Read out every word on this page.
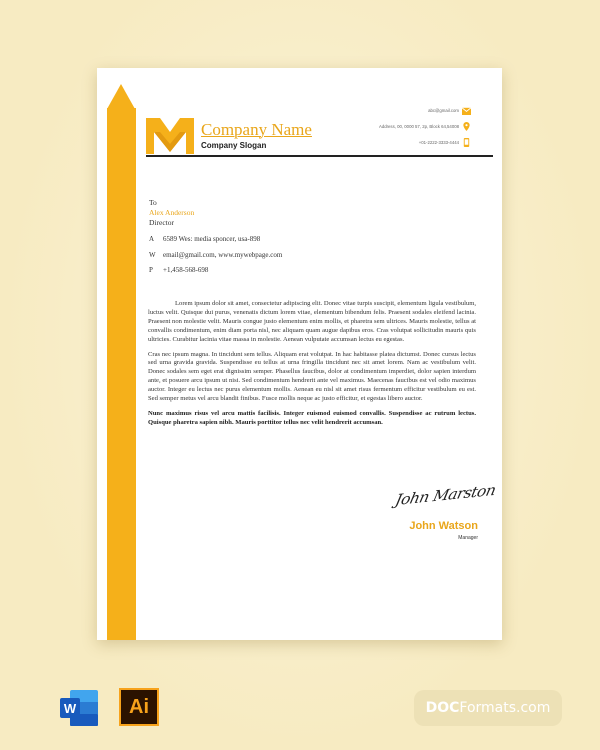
Company Name
Company Slogan
abc@gmail.com
Address, 00, 0000 57, 2p, Block 64,54008
+01-2222-3333-4444
To
Alex Anderson
Director
A 6589 Wes: media sponcer, usa-898
W email@gmail.com, www.mywebpage.com
P +1,458-568-698

Lorem ipsum dolor sit amet, consectetur adipiscing elit. Donec vitae turpis suscipit, elementum ligula vestibulum, luctus velit. Quisque dui purus, venenatis dictum lorem vitae, elementum bibendum felis. Praesent sodales eleifend lacinia. Praesent non molestie velit. Mauris congue justo elementum enim mollis, et pharetra sem ultrices. Mauris molestie, tellus at convallis condimentum, enim diam porta nisl, nec aliquam quam augue dapibus eros. Cras volutpat sollicitudin mauris quis ultricies. Curabitur lacinia vitae massa in molestie. Aenean vulputate accumsan lectus eu egestas.

Cras nec ipsum magna. In tincidunt sem tellus. Aliquam erat volutpat. In hac habitasse platea dictumst. Donec cursus lectus sed urna gravida gravida. Suspendisse eu tellus at urna fringilla tincidunt nec sit amet lorem. Nam ac vestibulum velit. Donec sodales sem eget erat dignissim semper. Phasellus faucibus, dolor at condimentum imperdiet, dolor sapien interdum ante, et posuere arcu ipsum ut nisi. Sed condimentum hendrerit ante vel maximus. Maecenas faucibus est vel odio maximus auctor. Integer eu lectus nec purus elementum mollis. Aenean eu nisl sit amet risus fermentum efficitur vestibulum eu est. Sed semper metus vel arcu blandit finibus. Fusce mollis neque ac justo efficitur, et egestas libero auctor.

Nunc maximus risus vel arcu mattis facilisis. Integer euismod euismod convallis. Suspendisse ac rutrum lectus. Quisque pharetra sapien nibh. Mauris porttitor tellus nec velit hendrerit accumsan.

John Marston
John Watson
Manager
W	Ai	DOC Formats.com
